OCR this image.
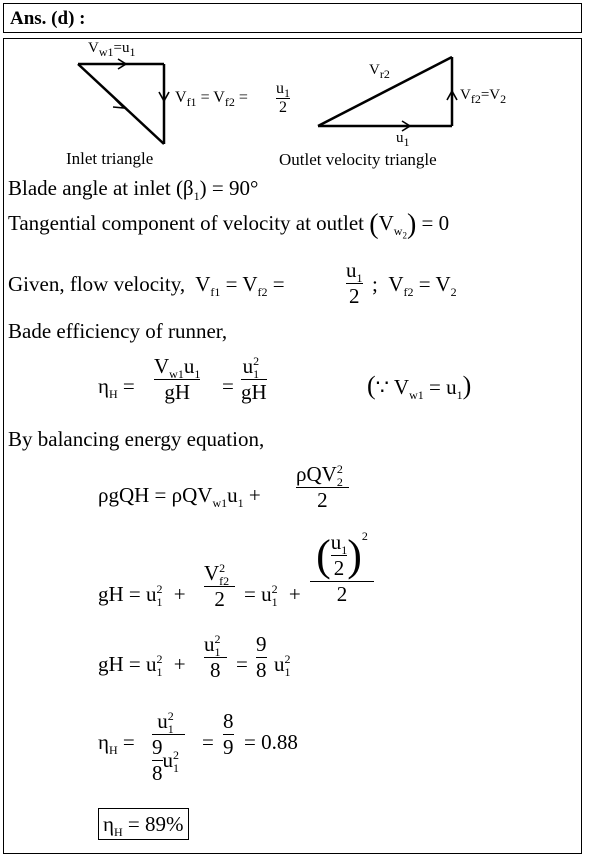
Ans. (d) :
$V_{w1}=u_1$
$V_{f1} = V_{f2}$ =
$u_1$
2
Inlet triangle
$V_{r2}$
$V_{f2}=V_2$
$u_1$
Outlet velocity triangle
Blade angle at inlet $(\beta_1) = 90^\circ$
Tangential component of velocity at outlet $(V_{w_2}) = 0$
Given, flow velocity,  $V_{f1} = V_{f2}$ =
$u_1$
2 ;  $V_{f2} = V_2$
Bade efficiency of runner,
$\eta_H$ =
$V_{w1}u_1$
gH =
$u_1^2$
gH	(∵ $V_{w1} = u_1$)
By balancing energy equation,
$\rho gQH = \rho QV_{w1}u_1$ +
ρQV$_2^2$
2
gH = $u_1^2$ +
$V_{f2}^2$
$2 = u_1^2$ +
( $u_1$
2 )$^2$
2
gH = $u_1^2$ +
$u_1^2$
8 =
9
8 $u_1^2$
$\eta_H$ =
$u_1^2$
9
8
$u_1^2$
=
8
9 = 0.88
$\eta_H = 89\%$
